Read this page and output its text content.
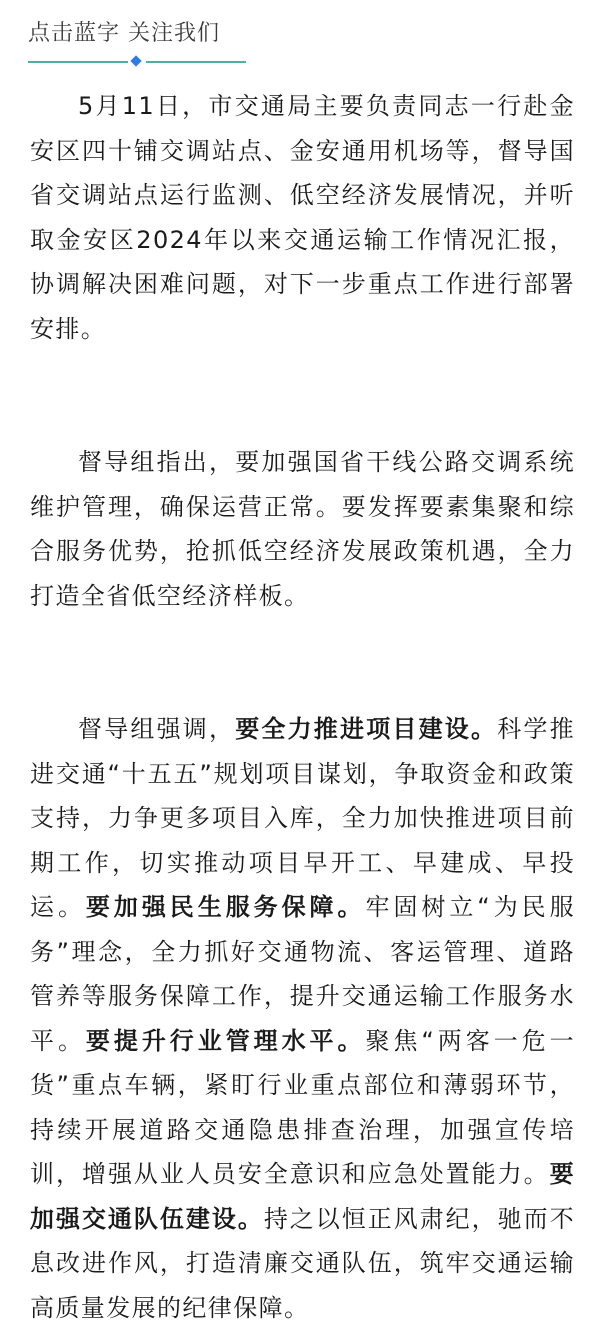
点击蓝字 关注我们

5月11日，市交通局主要负责同志一行赴金安区四十铺交调站点、金安通用机场等，督导国省交调站点运行监测、低空经济发展情况，并听取金安区2024年以来交通运输工作情况汇报，协调解决困难问题，对下一步重点工作进行部署安排。

督导组指出，要加强国省干线公路交调系统维护管理，确保运营正常。要发挥要素集聚和综合服务优势，抢抓低空经济发展政策机遇，全力打造全省低空经济样板。

督导组强调，要全力推进项目建设。科学推进交通“十五五”规划项目谋划，争取资金和政策支持，力争更多项目入库，全力加快推进项目前期工作，切实推动项目早开工、早建成、早投运。要加强民生服务保障。牢固树立“为民服务”理念，全力抓好交通物流、客运管理、道路管养等服务保障工作，提升交通运输工作服务水平。要提升行业管理水平。聚焦“两客一危一货”重点车辆，紧盯行业重点部位和薄弱环节，持续开展道路交通隐患排查治理，加强宣传培训，增强从业人员安全意识和应急处置能力。要加强交通队伍建设。持之以恒正风肃纪，驰而不息改进作风，打造清廉交通队伍，筑牢交通运输高质量发展的纪律保障。
